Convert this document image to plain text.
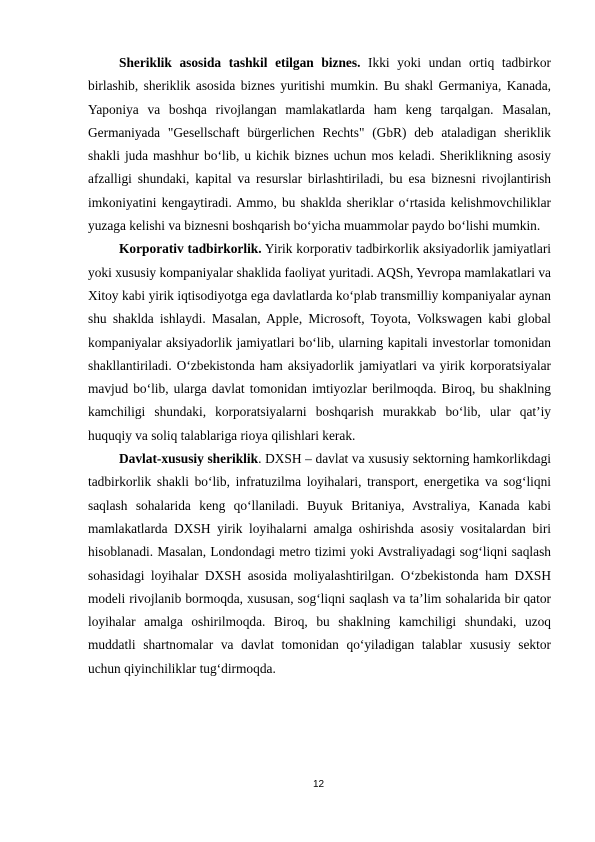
Sheriklik asosida tashkil etilgan biznes. Ikki yoki undan ortiq tadbirkor birlashib, sheriklik asosida biznes yuritishi mumkin. Bu shakl Germaniya, Kanada, Yaponiya va boshqa rivojlangan mamlakatlarda ham keng tarqalgan. Masalan, Germaniyada "Gesellschaft bürgerlichen Rechts" (GbR) deb ataladigan sheriklik shakli juda mashhur bo‘lib, u kichik biznes uchun mos keladi. Sheriklikning asosiy afzalligi shundaki, kapital va resurslar birlashtiriladi, bu esa biznesni rivojlantirish imkoniyatini kengaytiradi. Ammo, bu shaklda sheriklar o‘rtasida kelishmovchiliklar yuzaga kelishi va biznesni boshqarish bo‘yicha muammolar paydo bo‘lishi mumkin.

Korporativ tadbirkorlik. Yirik korporativ tadbirkorlik aksiyadorlik jamiyatlari yoki xususiy kompaniyalar shaklida faoliyat yuritadi. AQSh, Yevropa mamlakatlari va Xitoy kabi yirik iqtisodiyotga ega davlatlarda ko‘plab transmilliy kompaniyalar aynan shu shaklda ishlaydi. Masalan, Apple, Microsoft, Toyota, Volkswagen kabi global kompaniyalar aksiyadorlik jamiyatlari bo‘lib, ularning kapitali investorlar tomonidan shakllantiriladi. O‘zbekistonda ham aksiyadorlik jamiyatlari va yirik korporatsiyalar mavjud bo‘lib, ularga davlat tomonidan imtiyozlar berilmoqda. Biroq, bu shaklning kamchiligi shundaki, korporatsiyalarni boshqarish murakkab bo‘lib, ular qat’iy huquqiy va soliq talablariga rioya qilishlari kerak.

Davlat-xususiy sheriklik. DXSH – davlat va xususiy sektorning hamkorlikdagi tadbirkorlik shakli bo‘lib, infratuzilma loyihalari, transport, energetika va sog‘liqni saqlash sohalarida keng qo‘llaniladi. Buyuk Britaniya, Avstraliya, Kanada kabi mamlakatlarda DXSH yirik loyihalarni amalga oshirishda asosiy vositalardan biri hisoblanadi. Masalan, Londondagi metro tizimi yoki Avstraliyadagi sog‘liqni saqlash sohasidagi loyihalar DXSH asosida moliyalashtirilgan. O‘zbekistonda ham DXSH modeli rivojlanib bormoqda, xususan, sog‘liqni saqlash va ta’lim sohalarida bir qator loyihalar amalga oshirilmoqda. Biroq, bu shaklning kamchiligi shundaki, uzoq muddatli shartnomalar va davlat tomonidan qo‘yiladigan talablar xususiy sektor uchun qiyinchiliklar tug‘dirmoqda.

12
